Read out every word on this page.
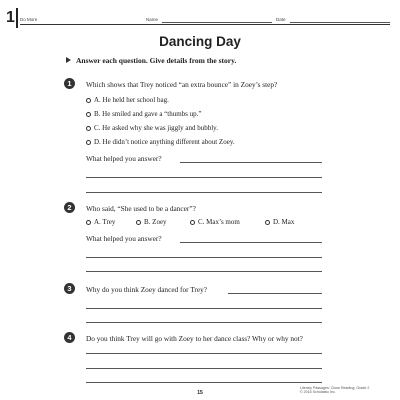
1 Do More	Name	Date
Dancing Day
Answer each question. Give details from the story.
1	Which shows that Trey noticed “an extra bounce” in Zoey’s step?
A. He held her school bag.
B. He smiled and gave a “thumbs up.”
C. He asked why she was jiggly and bubbly.
D. He didn’t notice anything different about Zoey.
What helped you answer?
2	Who said, “She used to be a dancer”?
A. Trey	B. Zoey	C. Max’s mom	D. Max
What helped you answer?
3	Why do you think Zoey danced for Trey?
4	Do you think Trey will go with Zoey to her dance class? Why or why not?
15
Literary Passages: Close Reading, Grade 2
© 2016 Scholastic Inc.
